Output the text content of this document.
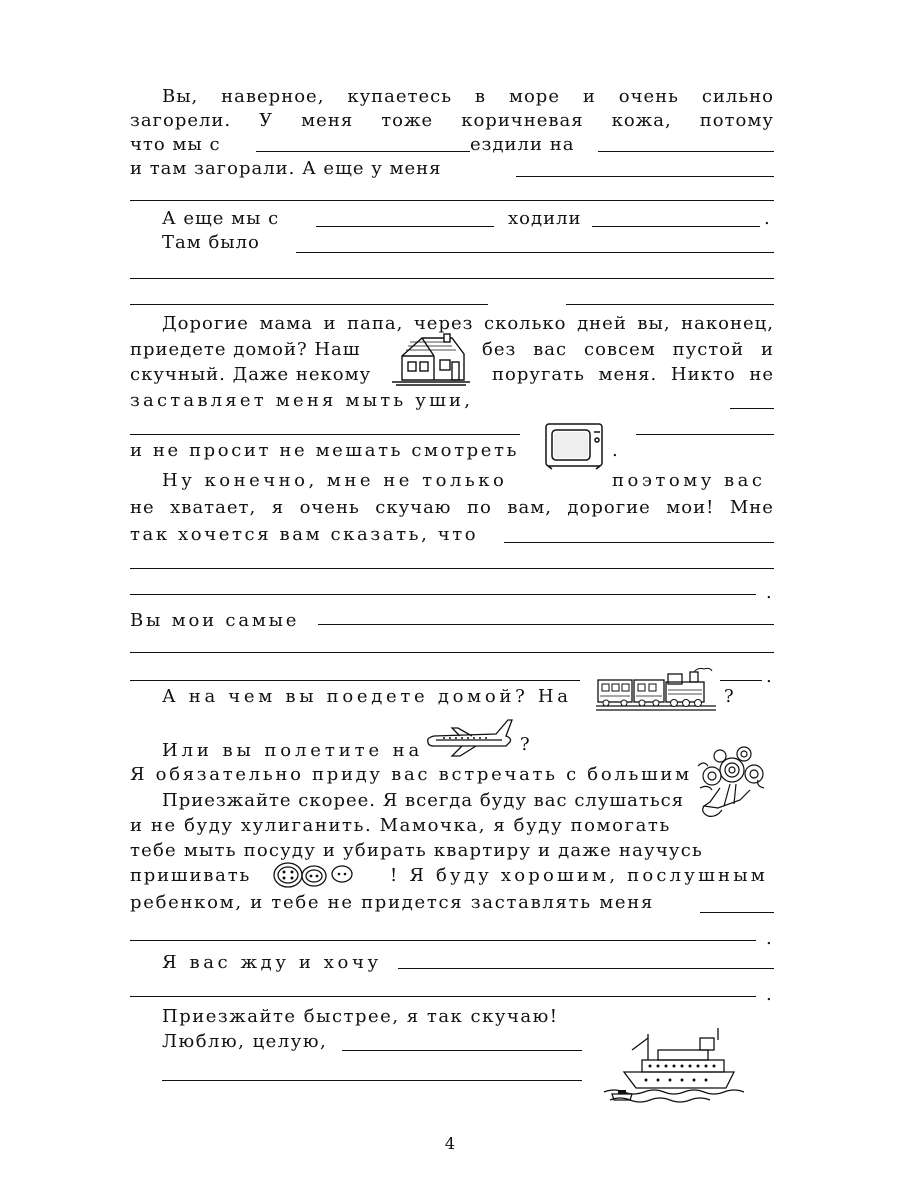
Вы, наверное, купаетесь в море и очень сильно
загорели. У меня тоже коричневая кожа, потому
что мы с	ездили на
и там загорали. А еще у меня
А еще мы с	ходили	.
Там было
Дорогие мама и папа, через сколько дней вы, наконец,
приедете домой? Наш	без вас совсем пустой и
скучный. Даже некому	поругать меня. Никто не
заставляет меня мыть уши,
и не просит не мешать смотреть	.
Ну конечно, мне не только	поэтому вас
не хватает, я очень скучаю по вам, дорогие мои! Мне
так хочется вам сказать, что
.
Вы мои самые
.
А на чем вы поедете домой? На	?
Или вы полетите на	?
Я обязательно приду вас встречать с большим
Приезжайте скорее. Я всегда буду вас слушаться
и не буду хулиганить. Мамочка, я буду помогать
тебе мыть посуду и убирать квартиру и даже научусь
пришивать	! Я буду хорошим, послушным
ребенком, и тебе не придется заставлять меня
.
Я вас жду и хочу
.
Приезжайте быстрее, я так скучаю!
Люблю, целую,
4
